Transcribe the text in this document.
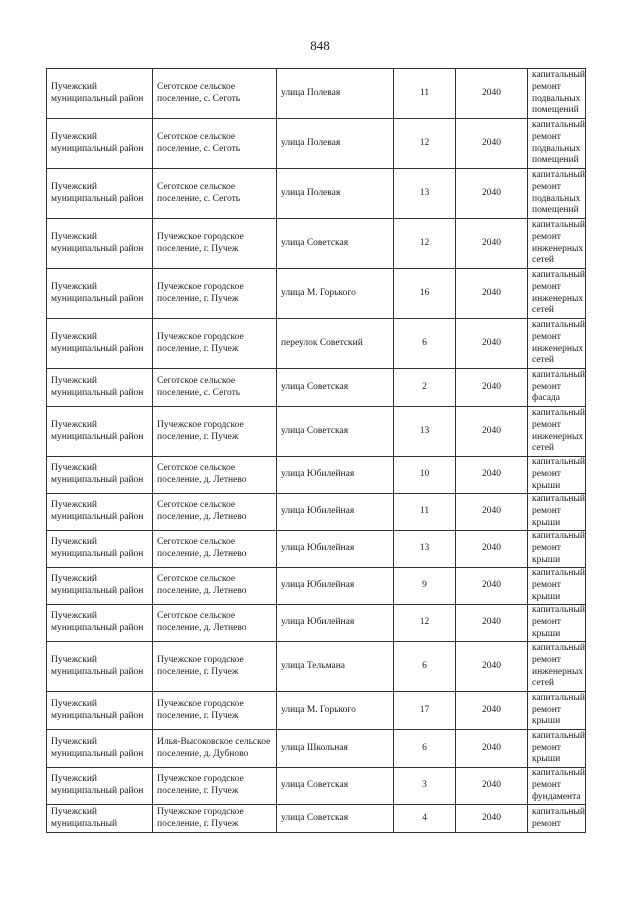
848
Пучежский муниципальный район	Сеготское сельское поселение, с. Сеготь	улица Полевая	11	2040	капитальный ремонт подвальных помещений
Пучежский муниципальный район	Сеготское сельское поселение, с. Сеготь	улица Полевая	12	2040	капитальный ремонт подвальных помещений
Пучежский муниципальный район	Сеготское сельское поселение, с. Сеготь	улица Полевая	13	2040	капитальный ремонт подвальных помещений
Пучежский муниципальный район	Пучежское городское поселение, г. Пучеж	улица Советская	12	2040	капитальный ремонт инженерных сетей
Пучежский муниципальный район	Пучежское городское поселение, г. Пучеж	улица М. Горького	16	2040	капитальный ремонт инженерных сетей
Пучежский муниципальный район	Пучежское городское поселение, г. Пучеж	переулок Советский	6	2040	капитальный ремонт инженерных сетей
Пучежский муниципальный район	Сеготское сельское поселение, с. Сеготь	улица Советская	2	2040	капитальный ремонт фасада
Пучежский муниципальный район	Пучежское городское поселение, г. Пучеж	улица Советская	13	2040	капитальный ремонт инженерных сетей
Пучежский муниципальный район	Сеготское сельское поселение, д. Летнево	улица Юбилейная	10	2040	капитальный ремонт крыши
Пучежский муниципальный район	Сеготское сельское поселение, д. Летнево	улица Юбилейная	11	2040	капитальный ремонт крыши
Пучежский муниципальный район	Сеготское сельское поселение, д. Летнево	улица Юбилейная	13	2040	капитальный ремонт крыши
Пучежский муниципальный район	Сеготское сельское поселение, д. Летнево	улица Юбилейная	9	2040	капитальный ремонт крыши
Пучежский муниципальный район	Сеготское сельское поселение, д. Летнево	улица Юбилейная	12	2040	капитальный ремонт крыши
Пучежский муниципальный район	Пучежское городское поселение, г. Пучеж	улица Тельмана	6	2040	капитальный ремонт инженерных сетей
Пучежский муниципальный район	Пучежское городское поселение, г. Пучеж	улица М. Горького	17	2040	капитальный ремонт крыши
Пучежский муниципальный район	Илья-Высоковское сельское поселение, д. Дубново	улица Школьная	6	2040	капитальный ремонт крыши
Пучежский муниципальный район	Пучежское городское поселение, г. Пучеж	улица Советская	3	2040	капитальный ремонт фундамента
Пучежский муниципальный	Пучежское городское поселение, г. Пучеж	улица Советская	4	2040	капитальный ремонт
